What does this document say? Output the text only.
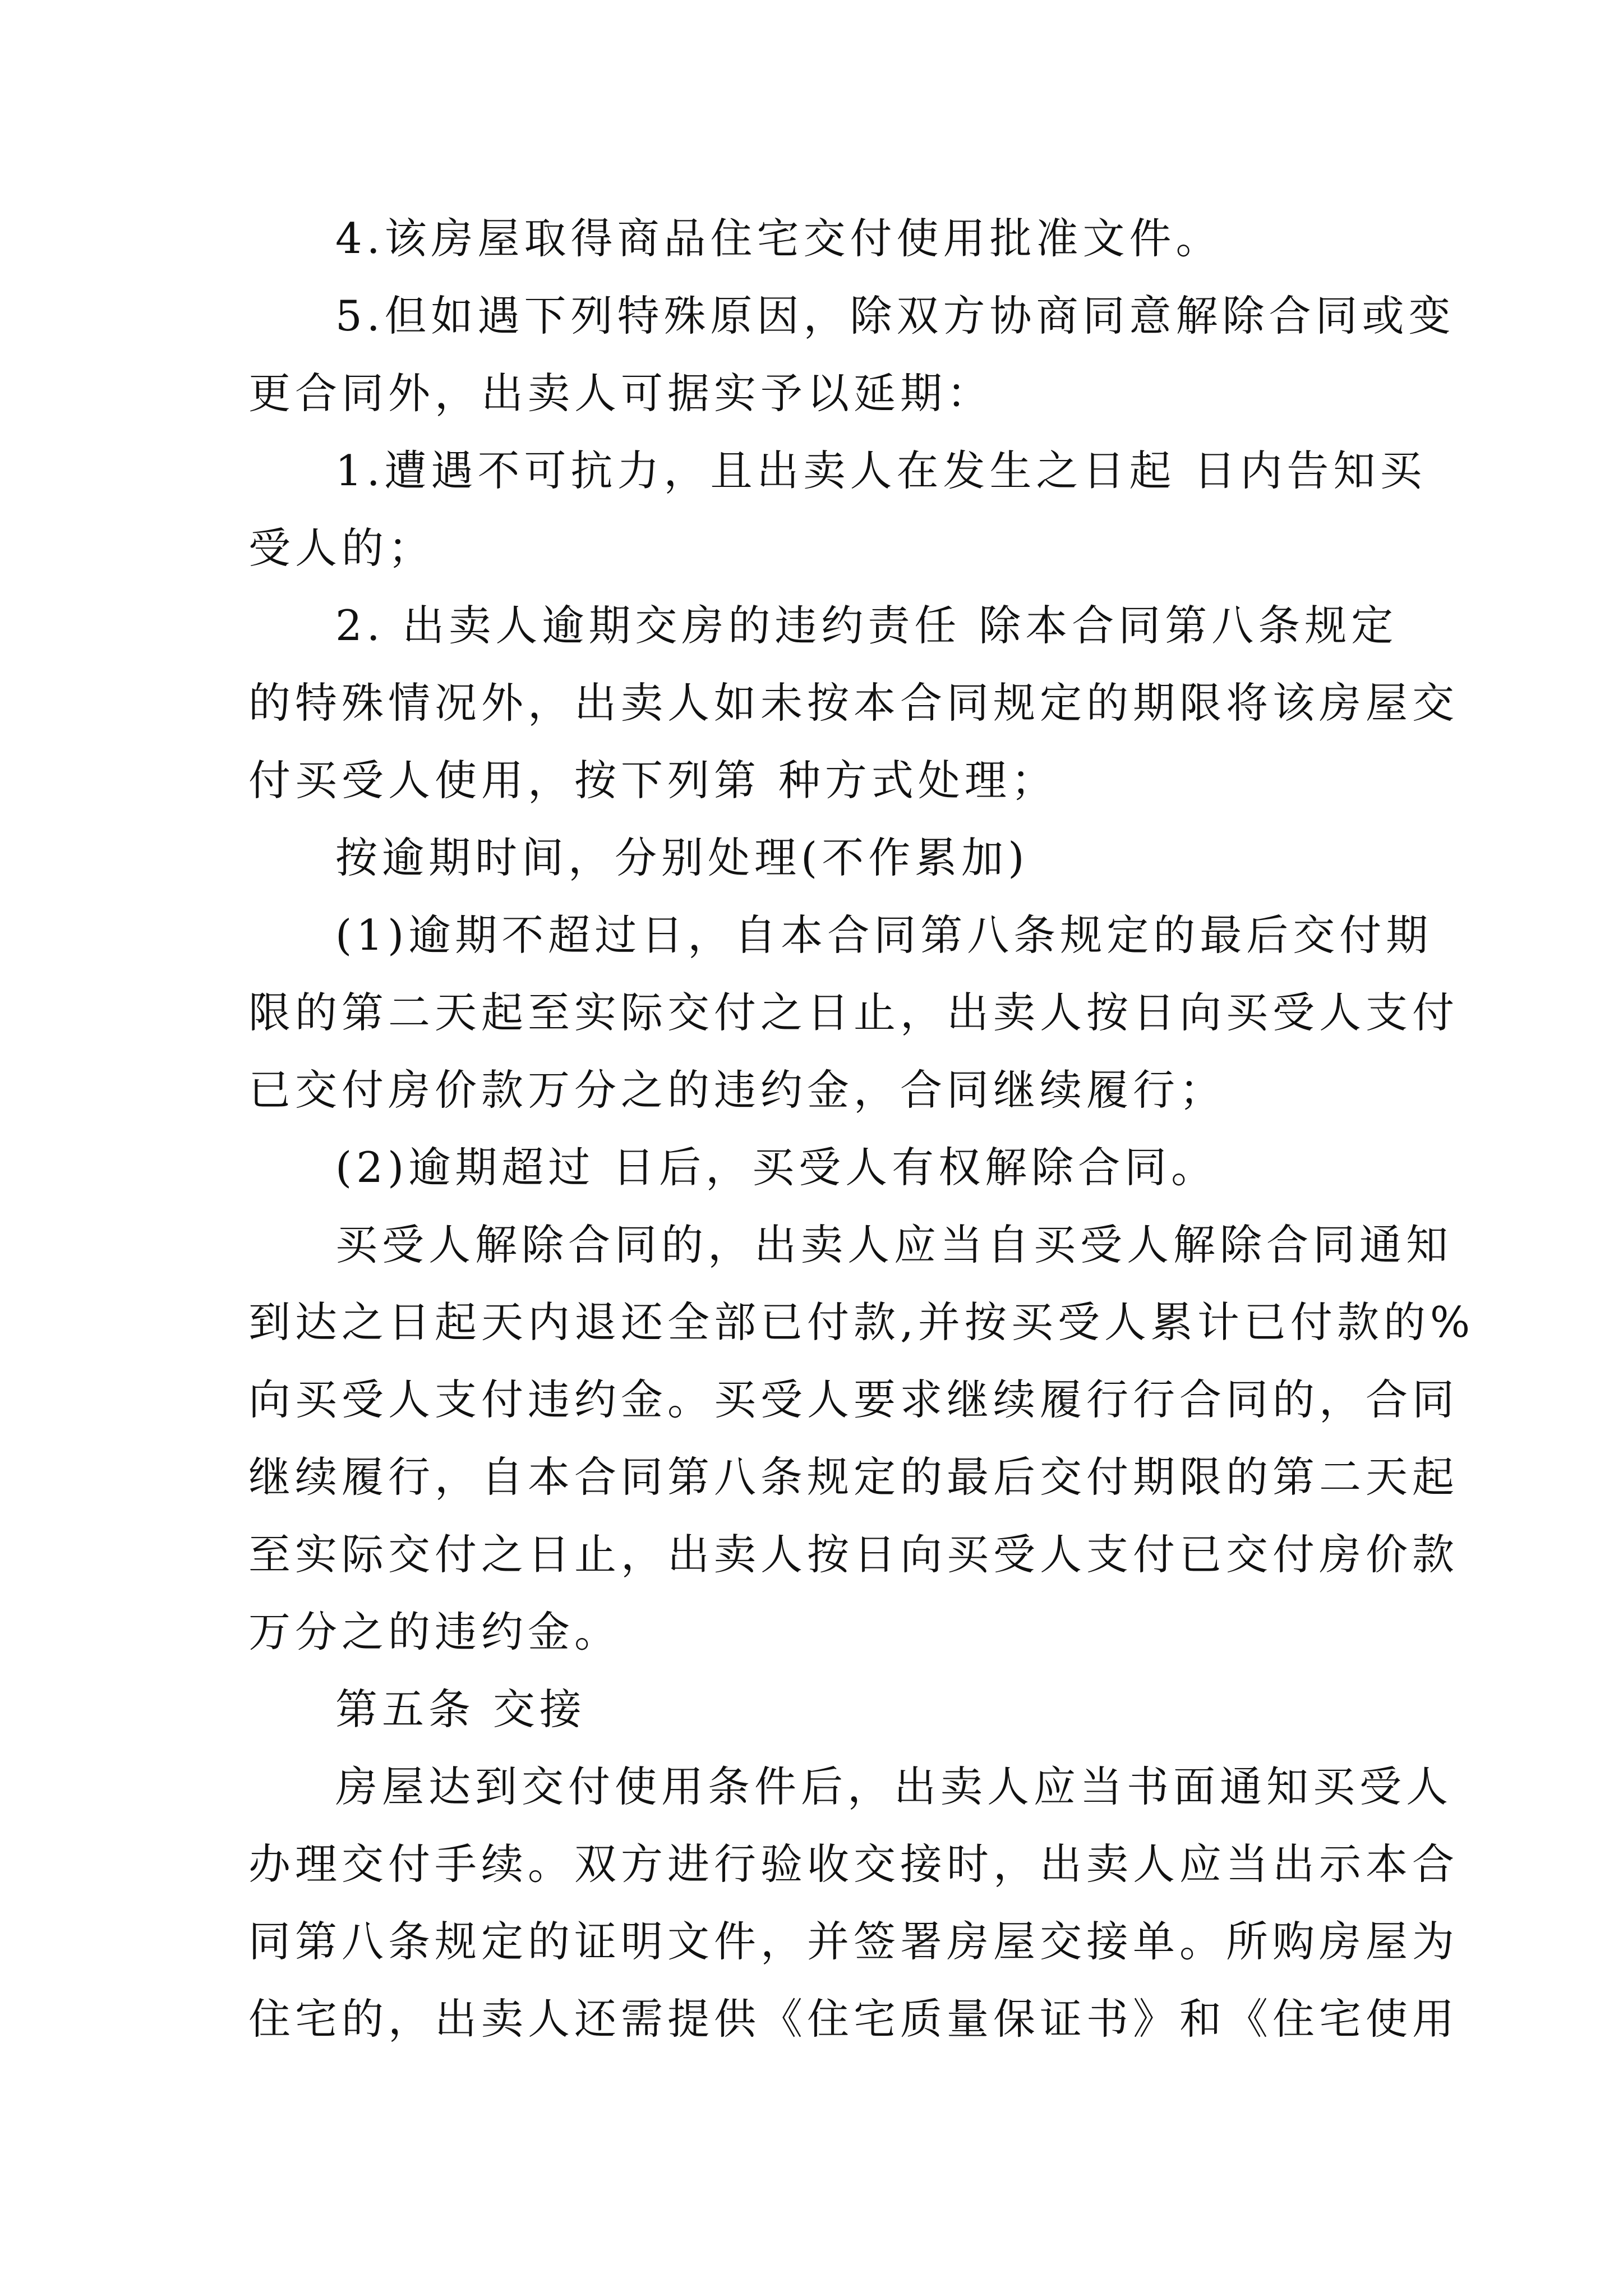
4.该房屋取得商品住宅交付使用批准文件。
5.但如遇下列特殊原因，除双方协商同意解除合同或变
更合同外，出卖人可据实予以延期：
1.遭遇不可抗力，且出卖人在发生之日起 日内告知买
受人的；
2. 出卖人逾期交房的违约责任 除本合同第八条规定
的特殊情况外，出卖人如未按本合同规定的期限将该房屋交
付买受人使用，按下列第 种方式处理；
按逾期时间，分别处理(不作累加)
(1)逾期不超过日，自本合同第八条规定的最后交付期
限的第二天起至实际交付之日止，出卖人按日向买受人支付
已交付房价款万分之的违约金，合同继续履行；
(2)逾期超过 日后，买受人有权解除合同。
买受人解除合同的，出卖人应当自买受人解除合同通知
到达之日起天内退还全部已付款,并按买受人累计已付款的%
向买受人支付违约金。买受人要求继续履行行合同的，合同
继续履行，自本合同第八条规定的最后交付期限的第二天起
至实际交付之日止，出卖人按日向买受人支付已交付房价款
万分之的违约金。
第五条 交接
房屋达到交付使用条件后，出卖人应当书面通知买受人
办理交付手续。双方进行验收交接时，出卖人应当出示本合
同第八条规定的证明文件，并签署房屋交接单。所购房屋为
住宅的，出卖人还需提供《住宅质量保证书》和《住宅使用
